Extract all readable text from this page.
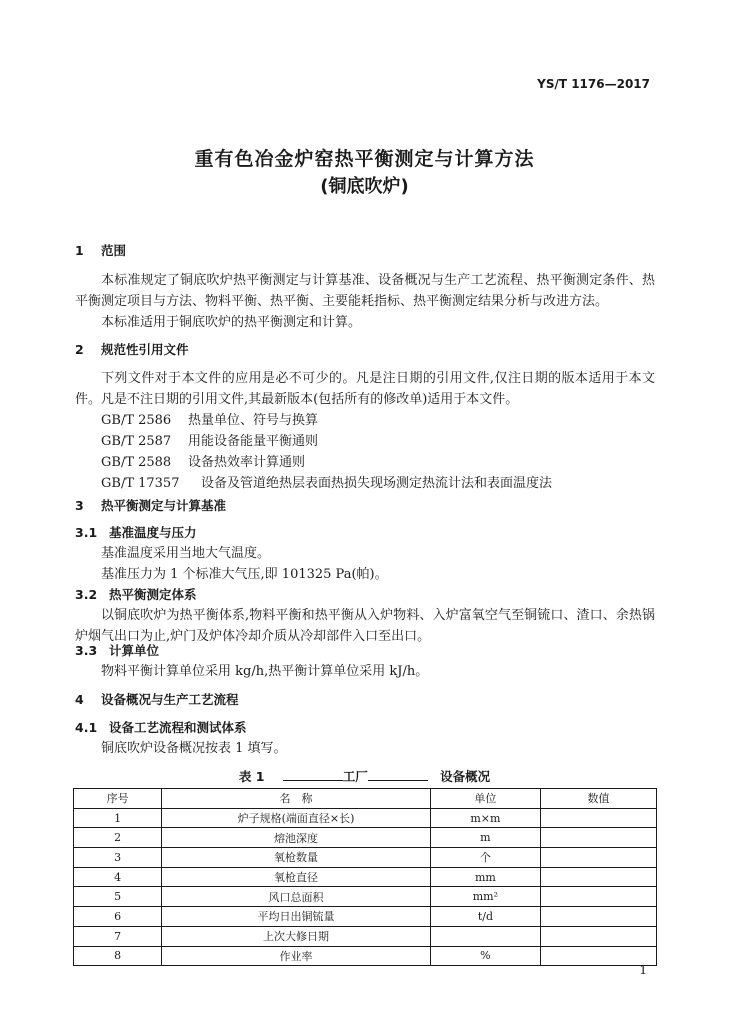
YS/T 1176—2017
重有色冶金炉窑热平衡测定与计算方法
(铜底吹炉)
1 范围
本标准规定了铜底吹炉热平衡测定与计算基准、设备概况与生产工艺流程、热平衡测定条件、热平衡测定项目与方法、物料平衡、热平衡、主要能耗指标、热平衡测定结果分析与改进方法。
本标准适用于铜底吹炉的热平衡测定和计算。
2 规范性引用文件
下列文件对于本文件的应用是必不可少的。凡是注日期的引用文件,仅注日期的版本适用于本文件。凡是不注日期的引用文件,其最新版本(包括所有的修改单)适用于本文件。
GB/T 2586 热量单位、符号与换算
GB/T 2587 用能设备能量平衡通则
GB/T 2588 设备热效率计算通则
GB/T 17357 设备及管道绝热层表面热损失现场测定热流计法和表面温度法
3 热平衡测定与计算基准
3.1 基准温度与压力
基准温度采用当地大气温度。
基准压力为 1 个标准大气压,即 101325 Pa(帕)。
3.2 热平衡测定体系
以铜底吹炉为热平衡体系,物料平衡和热平衡从入炉物料、入炉富氧空气至铜锍口、渣口、余热锅炉烟气出口为止,炉门及炉体冷却介质从冷却部件入口至出口。
3.3 计算单位
物料平衡计算单位采用 kg/h,热平衡计算单位采用 kJ/h。
4 设备概况与生产工艺流程
4.1 设备工艺流程和测试体系
铜底吹炉设备概况按表 1 填写。
表 1	工厂	设备概况
序号	名　称	单位	数值
1	炉子规格(端面直径×长)	m×m	
2	熔池深度	m	
3	氧枪数量	个	
4	氧枪直径	mm	
5	风口总面积	mm²	
6	平均日出铜锍量	t/d	
7	上次大修日期		
8	作业率	%	
1
